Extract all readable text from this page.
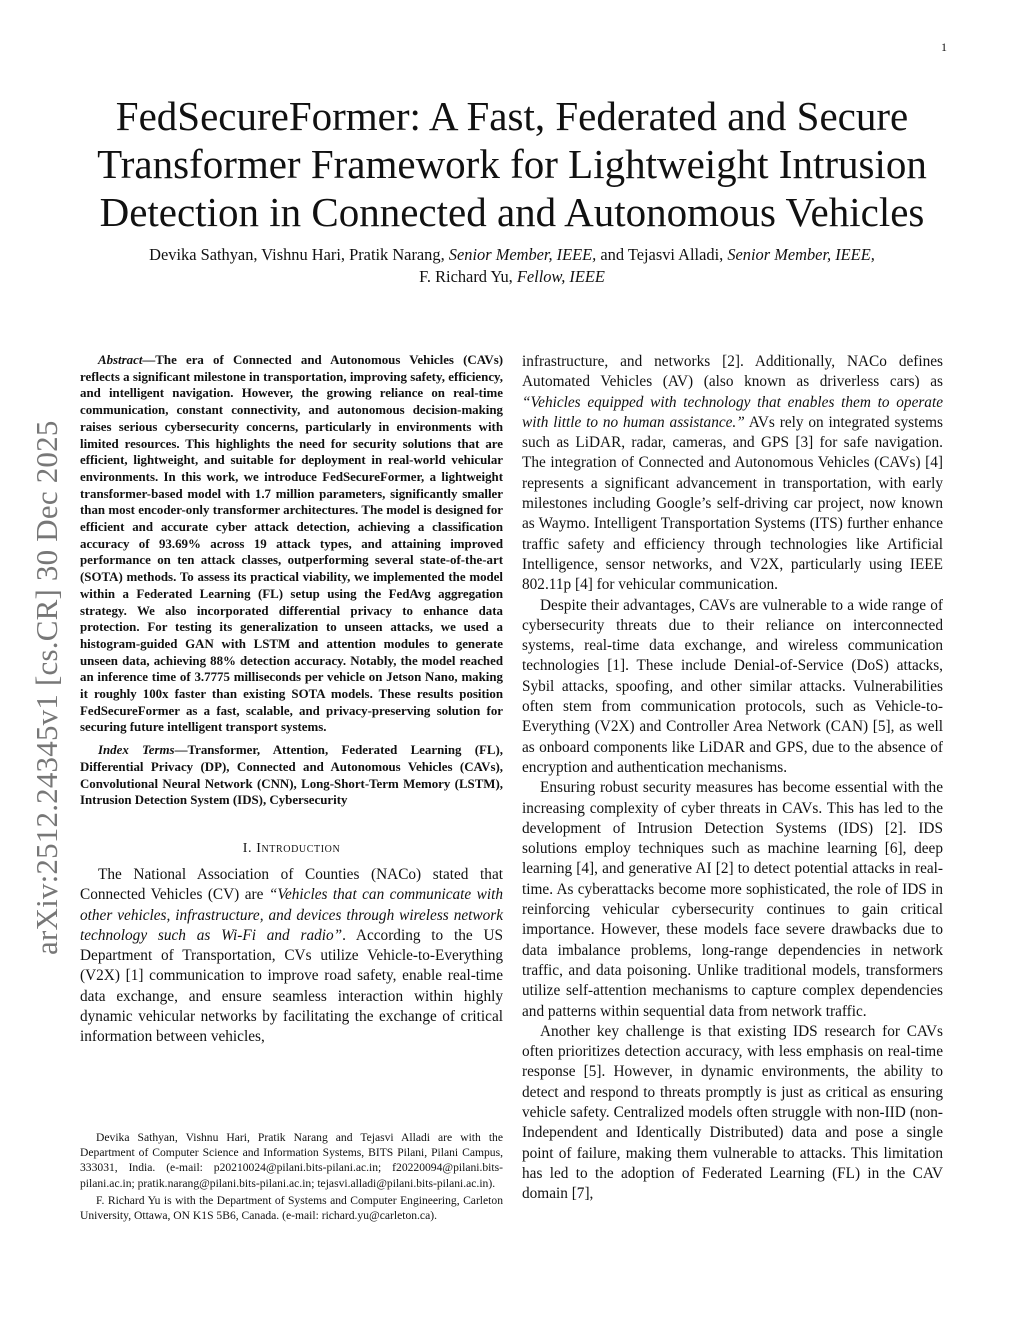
1
FedSecureFormer: A Fast, Federated and Secure Transformer Framework for Lightweight Intrusion Detection in Connected and Autonomous Vehicles
Devika Sathyan, Vishnu Hari, Pratik Narang, Senior Member, IEEE, and Tejasvi Alladi, Senior Member, IEEE,
F. Richard Yu, Fellow, IEEE
arXiv:2512.24345v1 [cs.CR] 30 Dec 2025

Abstract—The era of Connected and Autonomous Vehicles (CAVs) reflects a significant milestone in transportation, improving safety, efficiency, and intelligent navigation. However, the growing reliance on real-time communication, constant connectivity, and autonomous decision-making raises serious cybersecurity concerns, particularly in environments with limited resources. This highlights the need for security solutions that are efficient, lightweight, and suitable for deployment in real-world vehicular environments. In this work, we introduce FedSecureFormer, a lightweight transformer-based model with 1.7 million parameters, significantly smaller than most encoder-only transformer architectures. The model is designed for efficient and accurate cyber attack detection, achieving a classification accuracy of 93.69% across 19 attack types, and attaining improved performance on ten attack classes, outperforming several state-of-the-art (SOTA) methods. To assess its practical viability, we implemented the model within a Federated Learning (FL) setup using the FedAvg aggregation strategy. We also incorporated differential privacy to enhance data protection. For testing its generalization to unseen attacks, we used a histogram-guided GAN with LSTM and attention modules to generate unseen data, achieving 88% detection accuracy. Notably, the model reached an inference time of 3.7775 milliseconds per vehicle on Jetson Nano, making it roughly 100x faster than existing SOTA models. These results position FedSecureFormer as a fast, scalable, and privacy-preserving solution for securing future intelligent transport systems.

Index Terms—Transformer, Attention, Federated Learning (FL), Differential Privacy (DP), Connected and Autonomous Vehicles (CAVs), Convolutional Neural Network (CNN), Long-Short-Term Memory (LSTM), Intrusion Detection System (IDS), Cybersecurity

I. Introduction

The National Association of Counties (NACo) stated that Connected Vehicles (CV) are “Vehicles that can communicate with other vehicles, infrastructure, and devices through wireless network technology such as Wi-Fi and radio”. According to the US Department of Transportation, CVs utilize Vehicle-to-Everything (V2X) [1] communication to improve road safety, enable real-time data exchange, and ensure seamless interaction within highly dynamic vehicular networks by facilitating the exchange of critical information between vehicles,

infrastructure, and networks [2]. Additionally, NACo defines Automated Vehicles (AV) (also known as driverless cars) as “Vehicles equipped with technology that enables them to operate with little to no human assistance.” AVs rely on integrated systems such as LiDAR, radar, cameras, and GPS [3] for safe navigation. The integration of Connected and Autonomous Vehicles (CAVs) [4] represents a significant advancement in transportation, with early milestones including Google’s self-driving car project, now known as Waymo. Intelligent Transportation Systems (ITS) further enhance traffic safety and efficiency through technologies like Artificial Intelligence, sensor networks, and V2X, particularly using IEEE 802.11p [4] for vehicular communication.

Despite their advantages, CAVs are vulnerable to a wide range of cybersecurity threats due to their reliance on interconnected systems, real-time data exchange, and wireless communication technologies [1]. These include Denial-of-Service (DoS) attacks, Sybil attacks, spoofing, and other similar attacks. Vulnerabilities often stem from communication protocols, such as Vehicle-to-Everything (V2X) and Controller Area Network (CAN) [5], as well as onboard components like LiDAR and GPS, due to the absence of encryption and authentication mechanisms.

Ensuring robust security measures has become essential with the increasing complexity of cyber threats in CAVs. This has led to the development of Intrusion Detection Systems (IDS) [2]. IDS solutions employ techniques such as machine learning [6], deep learning [4], and generative AI [2] to detect potential attacks in real-time. As cyberattacks become more sophisticated, the role of IDS in reinforcing vehicular cybersecurity continues to gain critical importance. However, these models face severe drawbacks due to data imbalance problems, long-range dependencies in network traffic, and data poisoning. Unlike traditional models, transformers utilize self-attention mechanisms to capture complex dependencies and patterns within sequential data from network traffic.

Another key challenge is that existing IDS research for CAVs often prioritizes detection accuracy, with less emphasis on real-time response [5]. However, in dynamic environments, the ability to detect and respond to threats promptly is just as critical as ensuring vehicle safety. Centralized models often struggle with non-IID (non-Independent and Identically Distributed) data and pose a single point of failure, making them vulnerable to attacks. This limitation has led to the adoption of Federated Learning (FL) in the CAV domain [7],

Devika Sathyan, Vishnu Hari, Pratik Narang and Tejasvi Alladi are with the Department of Computer Science and Information Systems, BITS Pilani, Pilani Campus, 333031, India. (e-mail: p20210024@pilani.bits-pilani.ac.in; f20220094@pilani.bits-pilani.ac.in; pratik.narang@pilani.bits-pilani.ac.in; tejasvi.alladi@pilani.bits-pilani.ac.in).

F. Richard Yu is with the Department of Systems and Computer Engineering, Carleton University, Ottawa, ON K1S 5B6, Canada. (e-mail: richard.yu@carleton.ca).
